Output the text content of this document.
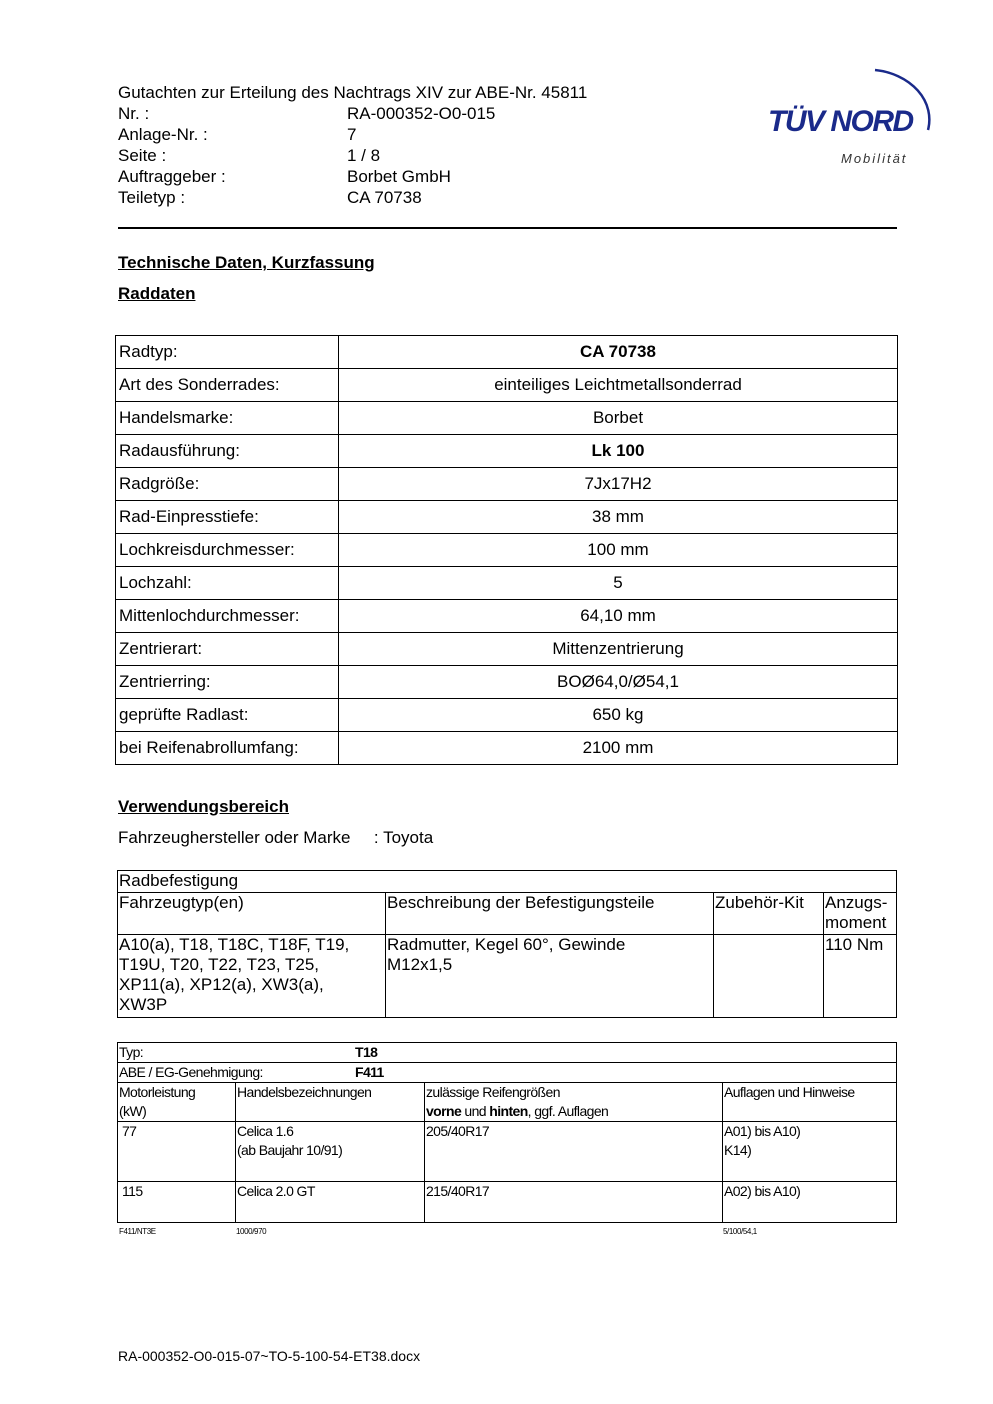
Gutachten zur Erteilung des Nachtrags XIV zur ABE-Nr. 45811
Nr. :	RA-000352-O0-015
Anlage-Nr. :	7
Seite :	1 / 8
Auftraggeber :	Borbet GmbH
Teiletyp :	CA 70738
TÜV NORD
Mobilität
Technische Daten, Kurzfassung
Raddaten
Radtyp:	CA 70738
Art des Sonderrades:	einteiliges Leichtmetallsonderrad
Handelsmarke:	Borbet
Radausführung:	Lk 100
Radgröße:	7Jx17H2
Rad-Einpresstiefe:	38 mm
Lochkreisdurchmesser:	100 mm
Lochzahl:	5
Mittenlochdurchmesser:	64,10 mm
Zentrierart:	Mittenzentrierung
Zentrierring:	BOØ64,0/Ø54,1
geprüfte Radlast:	650 kg
bei Reifenabrollumfang:	2100 mm
Verwendungsbereich
Fahrzeughersteller oder Marke : Toyota
Radbefestigung			
Fahrzeugtyp(en)	Beschreibung der Befestigungsteile	Zubehör-Kit	Anzugs-
moment
A10(a), T18, T18C, T18F, T19,
T19U, T20, T22, T23, T25,
XP11(a), XP12(a), XW3(a),
XW3P	Radmutter, Kegel 60°, Gewinde
M12x1,5		110 Nm
Typ: T18			

ABE / EG-Genehmigung: F411			

Motorleistung
(kW)	Handelsbezeichnungen	zulässige Reifengrößen
vorne und hinten, ggf. Auflagen	Auflagen und Hinweise
77	Celica 1.6
(ab Baujahr 10/91)	205/40R17	A01) bis A10)
K14)
115	Celica 2.0 GT	215/40R17	A02) bis A10)
F411/NT3E	1000/970	5/100/54,1
RA-000352-O0-015-07~TO-5-100-54-ET38.docx
